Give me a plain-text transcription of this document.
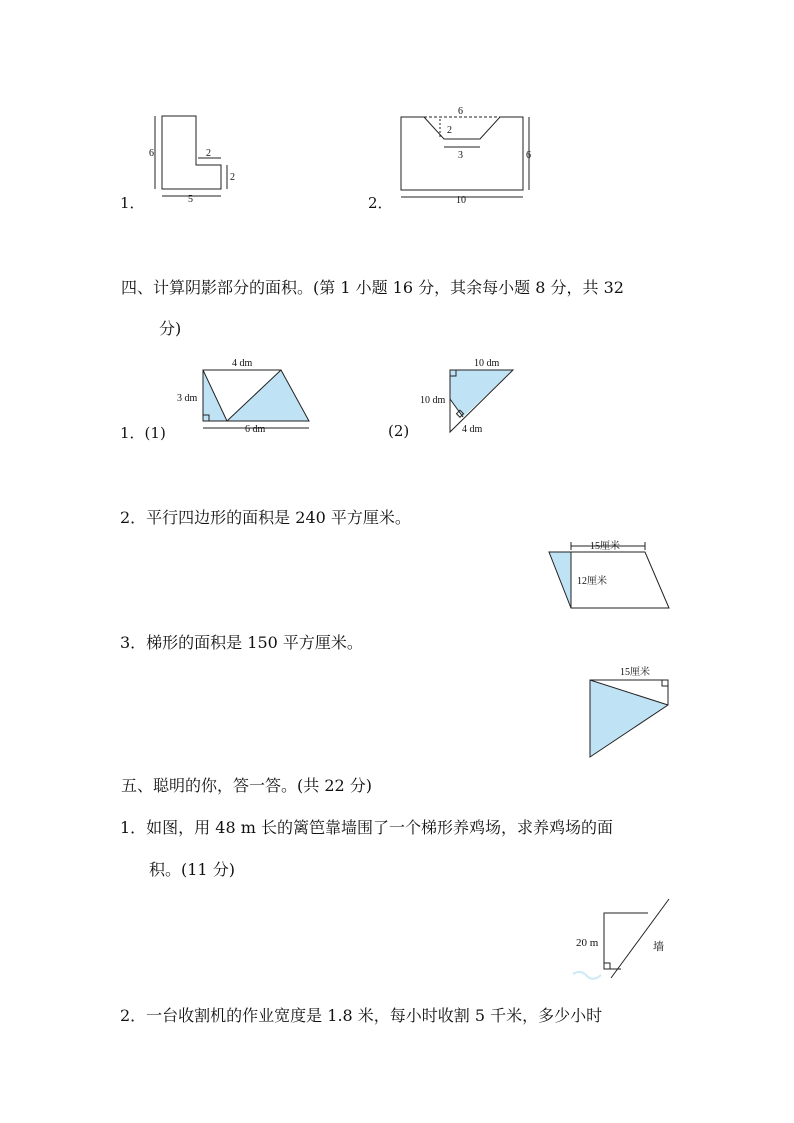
1．
6	2
2
5	2．
6
2
3	6
10
四、计算阴影部分的面积。(第 1 小题 16 分，其余每小题 8 分，共 32
分)
1．(1)
4 dm
3 dm
6 dm	(2)
10 dm
10 dm
4 dm
2．平行四边形的面积是 240 平方厘米。
15厘米
12厘米
3．梯形的面积是 150 平方厘米。
15厘米
五、聪明的你，答一答。(共 22 分)
1．如图，用 48 m 长的篱笆靠墙围了一个梯形养鸡场，求养鸡场的面
积。(11 分)
20 m	墙
2．一台收割机的作业宽度是 1.8 米，每小时收割 5 千米，多少小时
